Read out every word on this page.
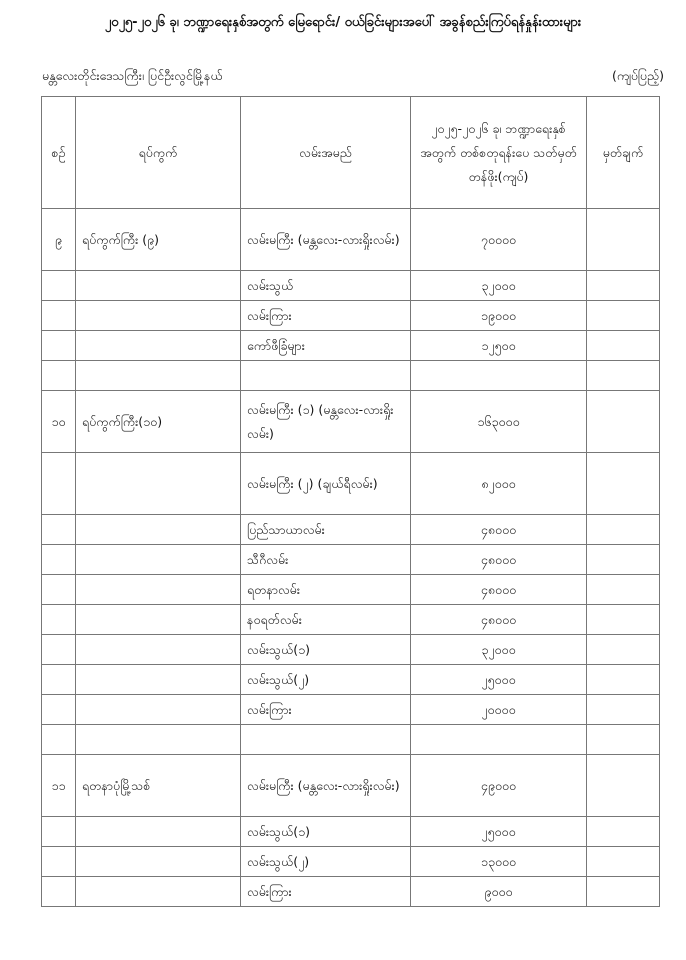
၂၀၂၅-၂၀၂၆ ခု၊ ဘဏ္ဍာရေးနှစ်အတွက် မြေရောင်း/ ဝယ်ခြင်းများအပေါ် အခွန်စည်းကြပ်ရန်နှုန်းထားများ
မန္တလေးတိုင်းဒေသကြီး၊ ပြင်ဦးလွင်မြို့နယ်	(ကျပ်ပြည့်)
စဉ်	ရပ်ကွက်	လမ်းအမည်	၂၀၂၅-၂၀၂၆ ခု၊ ဘဏ္ဍာရေးနှစ်အတွက် တစ်စတုရန်းပေ သတ်မှတ်တန်ဖိုး(ကျပ်)	မှတ်ချက်
၉	ရပ်ကွက်ကြီး (၉)	လမ်းမကြီး (မန္တလေး-လားရှိုးလမ်း)	၇၀၀၀၀	
		လမ်းသွယ်	၃၂၀၀၀	
		လမ်းကြား	၁၉၀၀၀	
		ကော်ဖီခြံများ	၁၂၅၀၀	

၁၀	ရပ်ကွက်ကြီး(၁၀)	လမ်းမကြီး (၁) (မန္တလေး-လားရှိုးလမ်း)	၁၆၃၀၀၀	
		လမ်းမကြီး (၂) (ချယ်ရီလမ်း)	၈၂၀၀၀	
		ပြည်သာယာလမ်း	၄၈၀၀၀	
		သီဂီလမ်း	၄၈၀၀၀	
		ရတနာလမ်း	၄၈၀၀၀	
		နဝရတ်လမ်း	၄၈၀၀၀	
		လမ်းသွယ်(၁)	၃၂၀၀၀	
		လမ်းသွယ်(၂)	၂၅၀၀၀	
		လမ်းကြား	၂၀၀၀၀	

၁၁	ရတနာပုံမြို့သစ်	လမ်းမကြီး (မန္တလေး-လားရှိုးလမ်း)	၄၉၀၀၀	
		လမ်းသွယ်(၁)	၂၅၀၀၀	
		လမ်းသွယ်(၂)	၁၃၀၀၀	
		လမ်းကြား	၉၀၀၀	
